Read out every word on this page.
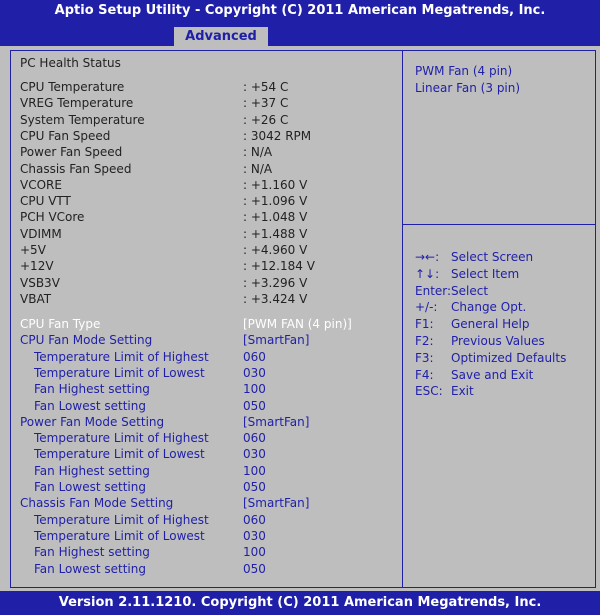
Aptio Setup Utility - Copyright (C) 2011 American Megatrends, Inc.
Advanced
PC Health Status
CPU Temperature	: +54 C
VREG Temperature	: +37 C
System Temperature	: +26 C
CPU Fan Speed	: 3042 RPM
Power Fan Speed	: N/A
Chassis Fan Speed	: N/A
VCORE	: +1.160 V
CPU VTT	: +1.096 V
PCH VCore	: +1.048 V
VDIMM	: +1.488 V
+5V	: +4.960 V
+12V	: +12.184 V
VSB3V	: +3.296 V
VBAT	: +3.424 V
CPU Fan Type	[PWM FAN (4 pin)]
CPU Fan Mode Setting	[SmartFan]
Temperature Limit of Highest	060
Temperature Limit of Lowest	030
Fan Highest setting	100
Fan Lowest setting	050
Power Fan Mode Setting	[SmartFan]
Temperature Limit of Highest	060
Temperature Limit of Lowest	030
Fan Highest setting	100
Fan Lowest setting	050
Chassis Fan Mode Setting	[SmartFan]
Temperature Limit of Highest	060
Temperature Limit of Lowest	030
Fan Highest setting	100
Fan Lowest setting	050
PWM Fan (4 pin)
Linear Fan (3 pin)
→←: Select Screen
↑↓: Select Item
Enter: Select
+/-: Change Opt.
F1: General Help
F2: Previous Values
F3: Optimized Defaults
F4: Save and Exit
ESC: Exit
Version 2.11.1210. Copyright (C) 2011 American Megatrends, Inc.
